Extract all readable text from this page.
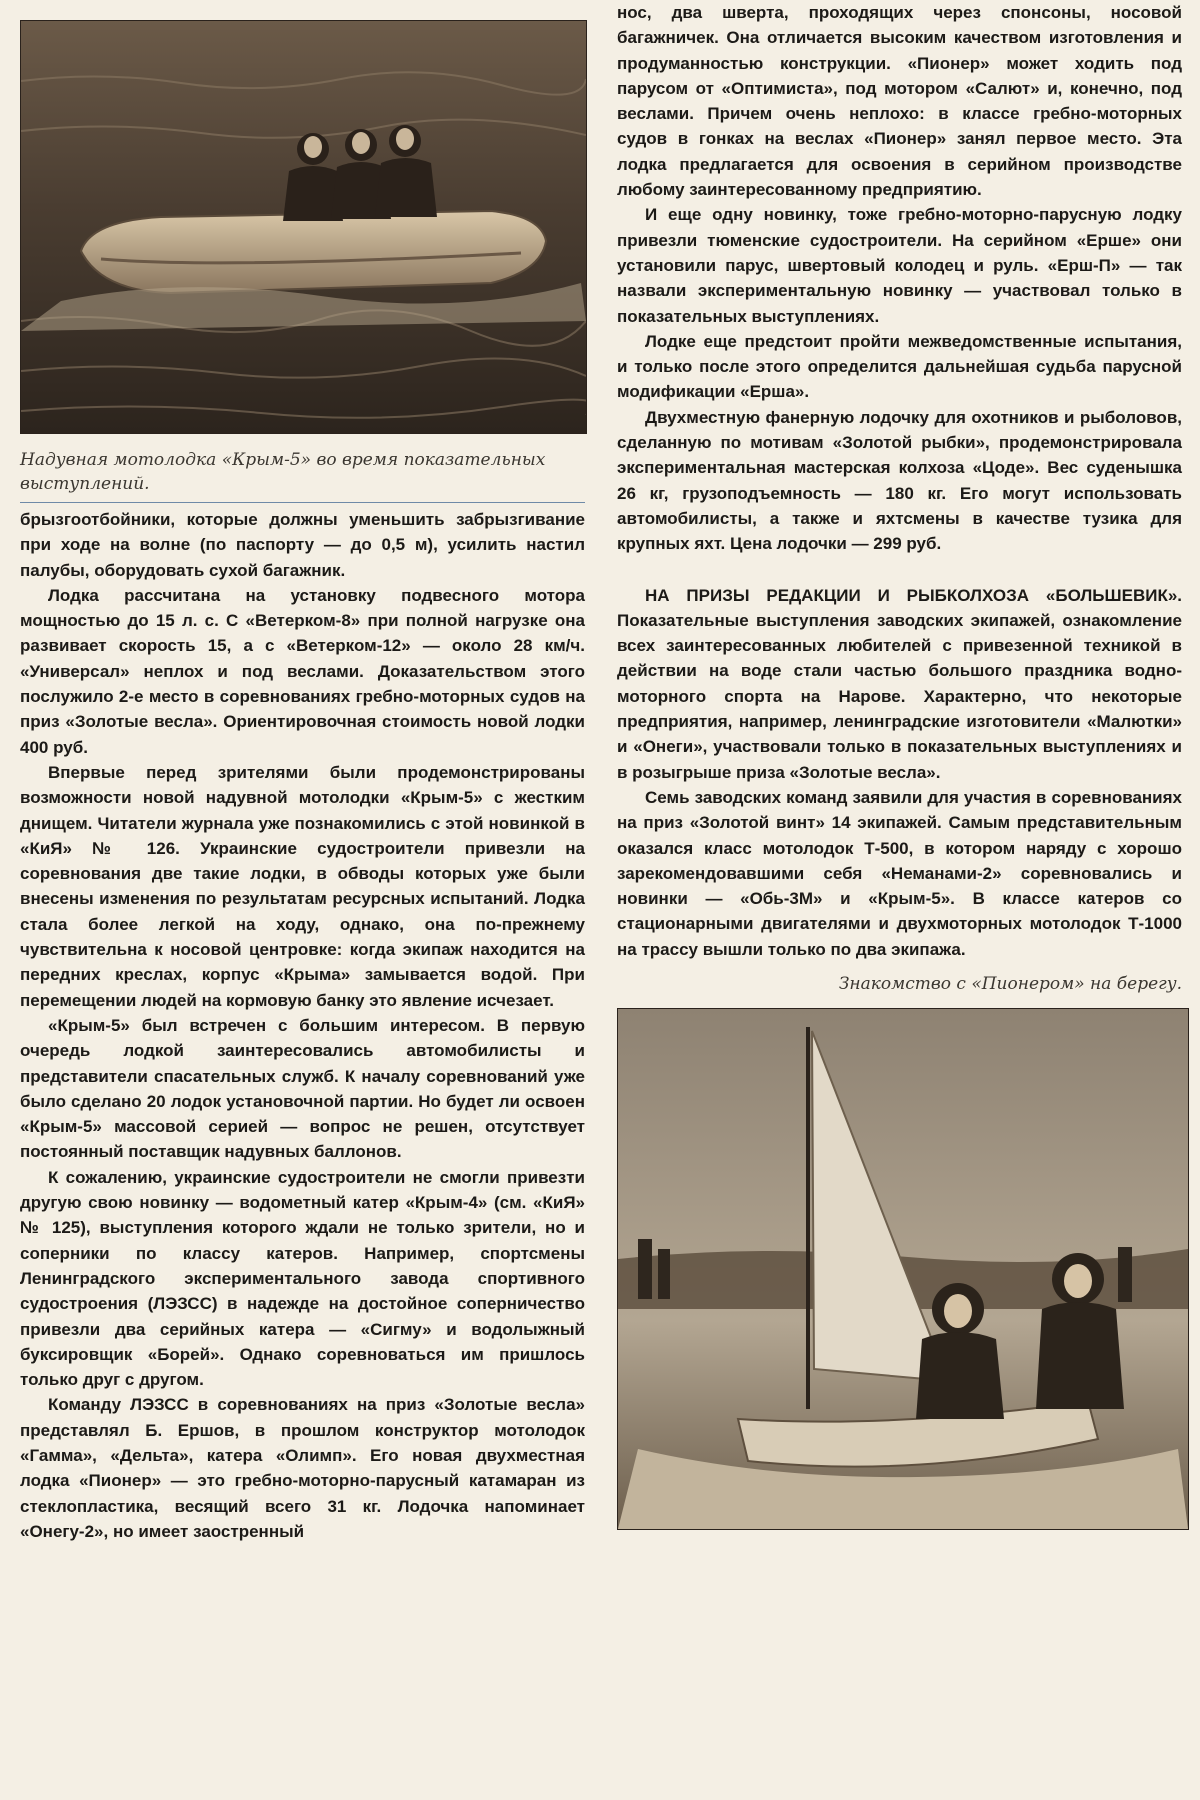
Надувная мотолодка «Крым-5» во время показательных выступлений.

брызгоотбойники, которые должны уменьшить забрызгивание при ходе на волне (по паспорту — до 0,5 м), усилить настил палубы, оборудовать сухой багажник.

Лодка рассчитана на установку подвесного мотора мощностью до 15 л. с. С «Ветерком-8» при полной нагрузке она развивает скорость 15, а с «Ветерком-12» — около 28 км/ч. «Универсал» неплох и под веслами. Доказательством этого послужило 2-е место в соревнованиях гребно-моторных судов на приз «Золотые весла». Ориентировочная стоимость новой лодки 400 руб.

Впервые перед зрителями были продемонстрированы возможности новой надувной мотолодки «Крым-5» с жестким днищем. Читатели журнала уже познакомились с этой новинкой в «КиЯ» № 126. Украинские судостроители привезли на соревнования две такие лодки, в обводы которых уже были внесены изменения по результатам ресурсных испытаний. Лодка стала более легкой на ходу, однако, она по-прежнему чувствительна к носовой центровке: когда экипаж находится на передних креслах, корпус «Крыма» замывается водой. При перемещении людей на кормовую банку это явление исчезает.

«Крым-5» был встречен с большим интересом. В первую очередь лодкой заинтересовались автомобилисты и представители спасательных служб. К началу соревнований уже было сделано 20 лодок установочной партии. Но будет ли освоен «Крым-5» массовой серией — вопрос не решен, отсутствует постоянный поставщик надувных баллонов.

К сожалению, украинские судостроители не смогли привезти другую свою новинку — водометный катер «Крым-4» (см. «КиЯ» № 125), выступления которого ждали не только зрители, но и соперники по классу катеров. Например, спортсмены Ленинградского экспериментального завода спортивного судостроения (ЛЭЗСС) в надежде на достойное соперничество привезли два серийных катера — «Сигму» и водолыжный буксировщик «Борей». Однако соревноваться им пришлось только друг с другом.

Команду ЛЭЗСС в соревнованиях на приз «Золотые весла» представлял Б. Ершов, в прошлом конструктор мотолодок «Гамма», «Дельта», катера «Олимп». Его новая двухместная лодка «Пионер» — это гребно-моторно-парусный катамаран из стеклопластика, весящий всего 31 кг. Лодочка напоминает «Онегу-2», но имеет заостренный

нос, два шверта, проходящих через спонсоны, носовой багажничек. Она отличается высоким качеством изготовления и продуманностью конструкции. «Пионер» может ходить под парусом от «Оптимиста», под мотором «Салют» и, конечно, под веслами. Причем очень неплохо: в классе гребно-моторных судов в гонках на веслах «Пионер» занял первое место. Эта лодка предлагается для освоения в серийном производстве любому заинтересованному предприятию.

И еще одну новинку, тоже гребно-моторно-парусную лодку привезли тюменские судостроители. На серийном «Ерше» они установили парус, швертовый колодец и руль. «Ерш-П» — так назвали экспериментальную новинку — участвовал только в показательных выступлениях.

Лодке еще предстоит пройти межведомственные испытания, и только после этого определится дальнейшая судьба парусной модификации «Ерша».

Двухместную фанерную лодочку для охотников и рыболовов, сделанную по мотивам «Золотой рыбки», продемонстрировала экспериментальная мастерская колхоза «Цоде». Вес суденышка 26 кг, грузоподъемность — 180 кг. Его могут использовать автомобилисты, а также и яхтсмены в качестве тузика для крупных яхт. Цена лодочки — 299 руб.

НА ПРИЗЫ РЕДАКЦИИ И РЫБКОЛХОЗА «БОЛЬШЕВИК». Показательные выступления заводских экипажей, ознакомление всех заинтересованных любителей с привезенной техникой в действии на воде стали частью большого праздника водно-моторного спорта на Нарове. Характерно, что некоторые предприятия, например, ленинградские изготовители «Малютки» и «Онеги», участвовали только в показательных выступлениях и в розыгрыше приза «Золотые весла».

Семь заводских команд заявили для участия в соревнованиях на приз «Золотой винт» 14 экипажей. Самым представительным оказался класс мотолодок Т-500, в котором наряду с хорошо зарекомендовавшими себя «Неманами-2» соревновались и новинки — «Обь-3М» и «Крым-5». В классе катеров со стационарными двигателями и двухмоторных мотолодок Т-1000 на трассу вышли только по два экипажа.

Знакомство с «Пионером» на берегу.
